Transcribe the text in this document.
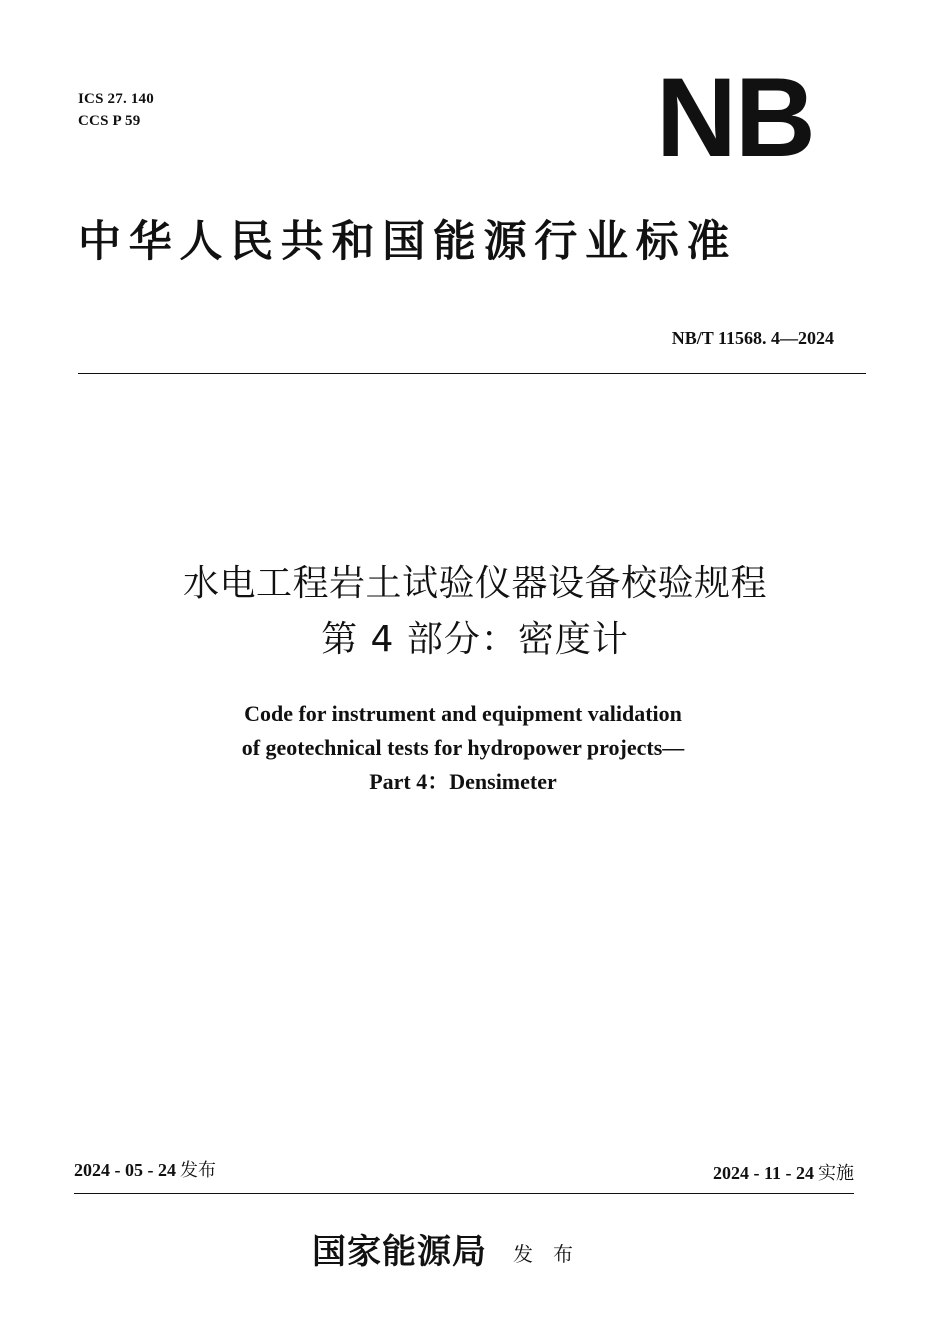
ICS 27. 140
CCS P 59	NB
中华人民共和国能源行业标准
NB/T 11568. 4—2024
水电工程岩土试验仪器设备校验规程
第 4 部分：密度计
Code for instrument and equipment validation
of geotechnical tests for hydropower projects—
Part 4：Densimeter
2024 - 05 - 24 发布	2024 - 11 - 24 实施
国家能源局 发布
